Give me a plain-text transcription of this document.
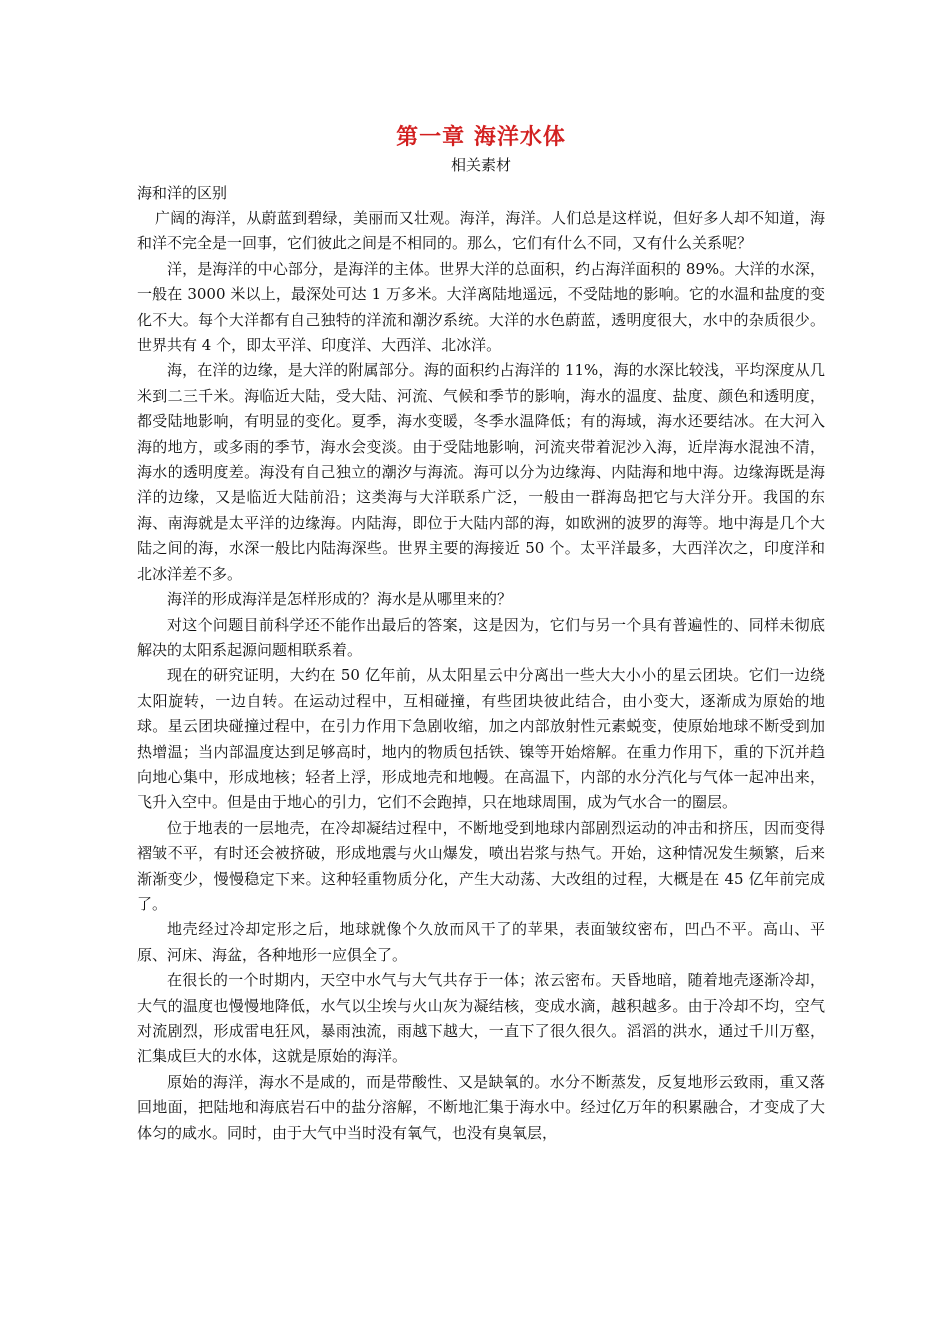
第一章 海洋水体
相关素材
海和洋的区别

广阔的海洋，从蔚蓝到碧绿，美丽而又壮观。海洋，海洋。人们总是这样说，但好多人却不知道，海和洋不完全是一回事，它们彼此之间是不相同的。那么，它们有什么不同，又有什么关系呢？

洋，是海洋的中心部分，是海洋的主体。世界大洋的总面积，约占海洋面积的 89%。大洋的水深，一般在 3000 米以上，最深处可达 1 万多米。大洋离陆地遥远，不受陆地的影响。它的水温和盐度的变化不大。每个大洋都有自己独特的洋流和潮汐系统。大洋的水色蔚蓝，透明度很大，水中的杂质很少。世界共有 4 个，即太平洋、印度洋、大西洋、北冰洋。

海，在洋的边缘，是大洋的附属部分。海的面积约占海洋的 11%，海的水深比较浅，平均深度从几米到二三千米。海临近大陆，受大陆、河流、气候和季节的影响，海水的温度、盐度、颜色和透明度，都受陆地影响，有明显的变化。夏季，海水变暖，冬季水温降低；有的海域，海水还要结冰。在大河入海的地方，或多雨的季节，海水会变淡。由于受陆地影响，河流夹带着泥沙入海，近岸海水混浊不清，海水的透明度差。海没有自己独立的潮汐与海流。海可以分为边缘海、内陆海和地中海。边缘海既是海洋的边缘，又是临近大陆前沿；这类海与大洋联系广泛，一般由一群海岛把它与大洋分开。我国的东海、南海就是太平洋的边缘海。内陆海，即位于大陆内部的海，如欧洲的波罗的海等。地中海是几个大陆之间的海，水深一般比内陆海深些。世界主要的海接近 50 个。太平洋最多，大西洋次之，印度洋和北冰洋差不多。

海洋的形成海洋是怎样形成的？海水是从哪里来的？

对这个问题目前科学还不能作出最后的答案，这是因为，它们与另一个具有普遍性的、同样未彻底解决的太阳系起源问题相联系着。

现在的研究证明，大约在 50 亿年前，从太阳星云中分离出一些大大小小的星云团块。它们一边绕太阳旋转，一边自转。在运动过程中，互相碰撞，有些团块彼此结合，由小变大，逐渐成为原始的地球。星云团块碰撞过程中，在引力作用下急剧收缩，加之内部放射性元素蜕变，使原始地球不断受到加热增温；当内部温度达到足够高时，地内的物质包括铁、镍等开始熔解。在重力作用下，重的下沉并趋向地心集中，形成地核；轻者上浮，形成地壳和地幔。在高温下，内部的水分汽化与气体一起冲出来，飞升入空中。但是由于地心的引力，它们不会跑掉，只在地球周围，成为气水合一的圈层。

位于地表的一层地壳，在冷却凝结过程中，不断地受到地球内部剧烈运动的冲击和挤压，因而变得褶皱不平，有时还会被挤破，形成地震与火山爆发，喷出岩浆与热气。开始，这种情况发生频繁，后来渐渐变少，慢慢稳定下来。这种轻重物质分化，产生大动荡、大改组的过程，大概是在 45 亿年前完成了。

地壳经过冷却定形之后，地球就像个久放而风干了的苹果，表面皱纹密布，凹凸不平。高山、平原、河床、海盆，各种地形一应俱全了。

在很长的一个时期内，天空中水气与大气共存于一体；浓云密布。天昏地暗，随着地壳逐渐冷却，大气的温度也慢慢地降低，水气以尘埃与火山灰为凝结核，变成水滴，越积越多。由于冷却不均，空气对流剧烈，形成雷电狂风，暴雨浊流，雨越下越大，一直下了很久很久。滔滔的洪水，通过千川万壑，汇集成巨大的水体，这就是原始的海洋。

原始的海洋，海水不是咸的，而是带酸性、又是缺氧的。水分不断蒸发，反复地形云致雨，重又落回地面，把陆地和海底岩石中的盐分溶解，不断地汇集于海水中。经过亿万年的积累融合，才变成了大体匀的咸水。同时，由于大气中当时没有氧气，也没有臭氧层，
